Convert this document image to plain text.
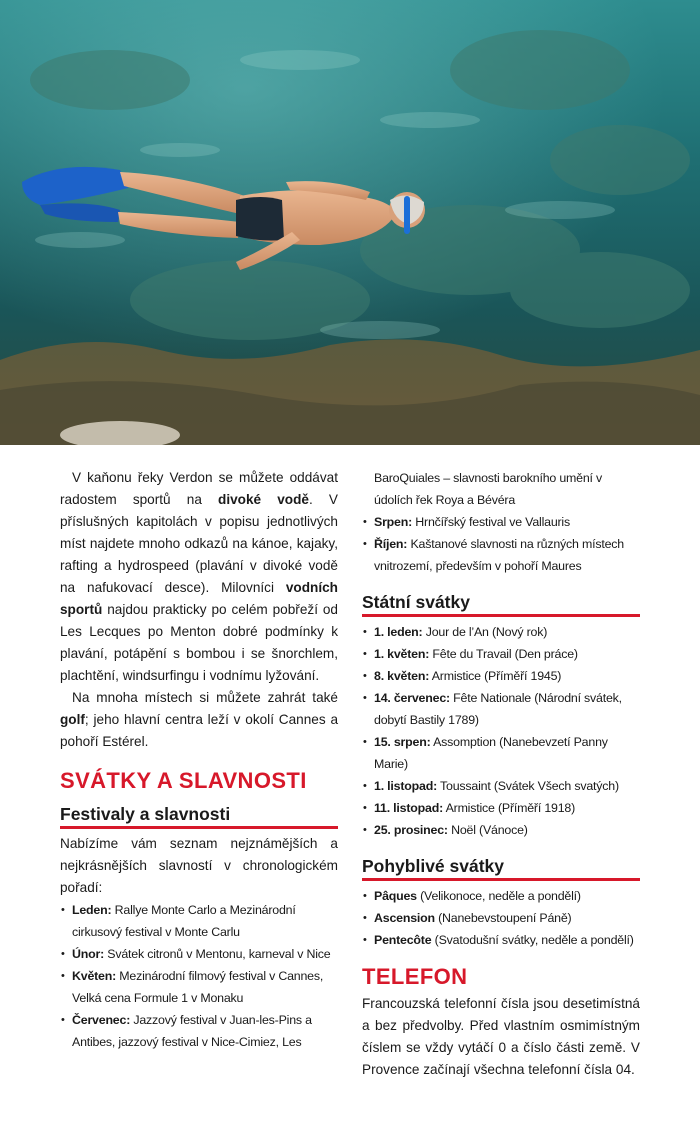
V kaňonu řeky Verdon se můžete oddávat radostem sportů na divoké vodě. V příslušných kapitolách v popisu jednotlivých míst najdete mnoho odkazů na kánoe, kajaky, rafting a hydrospeed (plavání v divoké vodě na nafukovací desce). Milovníci vodních sportů najdou prakticky po celém pobřeží od Les Lecques po Menton dobré podmínky k plavání, potápění s bombou i se šnorchlem, plachtění, windsurfingu i vodnímu lyžování.

Na mnoha místech si můžete zahrát také golf; jeho hlavní centra leží v okolí Cannes a pohoří Estérel.

SVÁTKY A SLAVNOSTI
Festivaly a slavnosti

Nabízíme vám seznam nejznámějších a nejkrásnějších slavností v chronologickém pořadí:

• Leden: Rallye Monte Carlo a Mezinárodní cirkusový festival v Monte Carlu
• Únor: Svátek citronů v Mentonu, karneval v Nice
• Květen: Mezinárodní filmový festival v Cannes, Velká cena Formule 1 v Monaku
• Červenec: Jazzový festival v Juan-les-Pins a Antibes, jazzový festival v Nice-Cimiez, Les
BaroQuiales – slavnosti barokního umění v údolích řek Roya a Bévéra
• Srpen: Hrnčířský festival ve Vallauris
• Říjen: Kaštanové slavnosti na různých místech vnitrozemí, především v pohoří Maures
Státní svátky
• 1. leden: Jour de l’An (Nový rok)
• 1. květen: Fête du Travail (Den práce)
• 8. květen: Armistice (Příměří 1945)
• 14. červenec: Fête Nationale (Národní svátek, dobytí Bastily 1789)
• 15. srpen: Assomption (Nanebevzetí Panny Marie)
• 1. listopad: Toussaint (Svátek Všech svatých)
• 11. listopad: Armistice (Příměří 1918)
• 25. prosinec: Noël (Vánoce)
Pohyblivé svátky
• Pâques (Velikonoce, neděle a pondělí)
• Ascension (Nanebevstoupení Páně)
• Pentecôte (Svatodušní svátky, neděle a pondělí)
TELEFON

Francouzská telefonní čísla jsou desetimístná a bez předvolby. Před vlastním osmimístným číslem se vždy vytáčí 0 a číslo části země. V Provence začínají všechna telefonní čísla 04.
